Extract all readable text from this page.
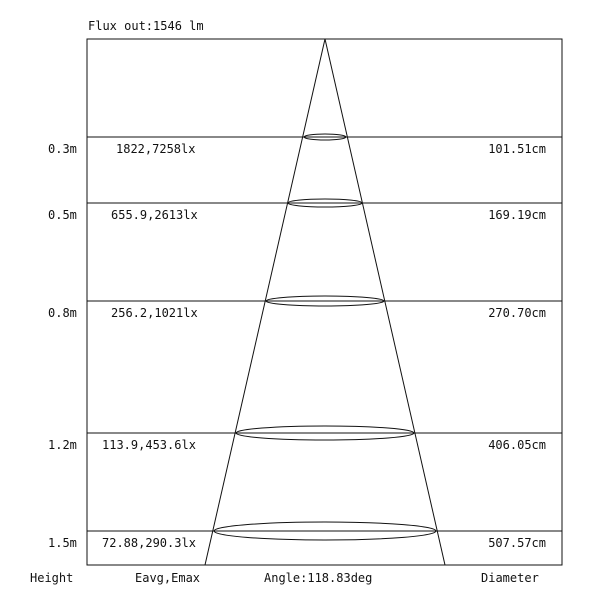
Flux out:1546 lm
0.3m	1822,7258lx	101.51cm
0.5m	655.9,2613lx	169.19cm
0.8m	256.2,1021lx	270.70cm
1.2m 113.9,453.6lx	406.05cm
1.5m 72.88,290.3lx	507.57cm
Height	Eavg,Emax	Angle:118.83deg	Diameter
